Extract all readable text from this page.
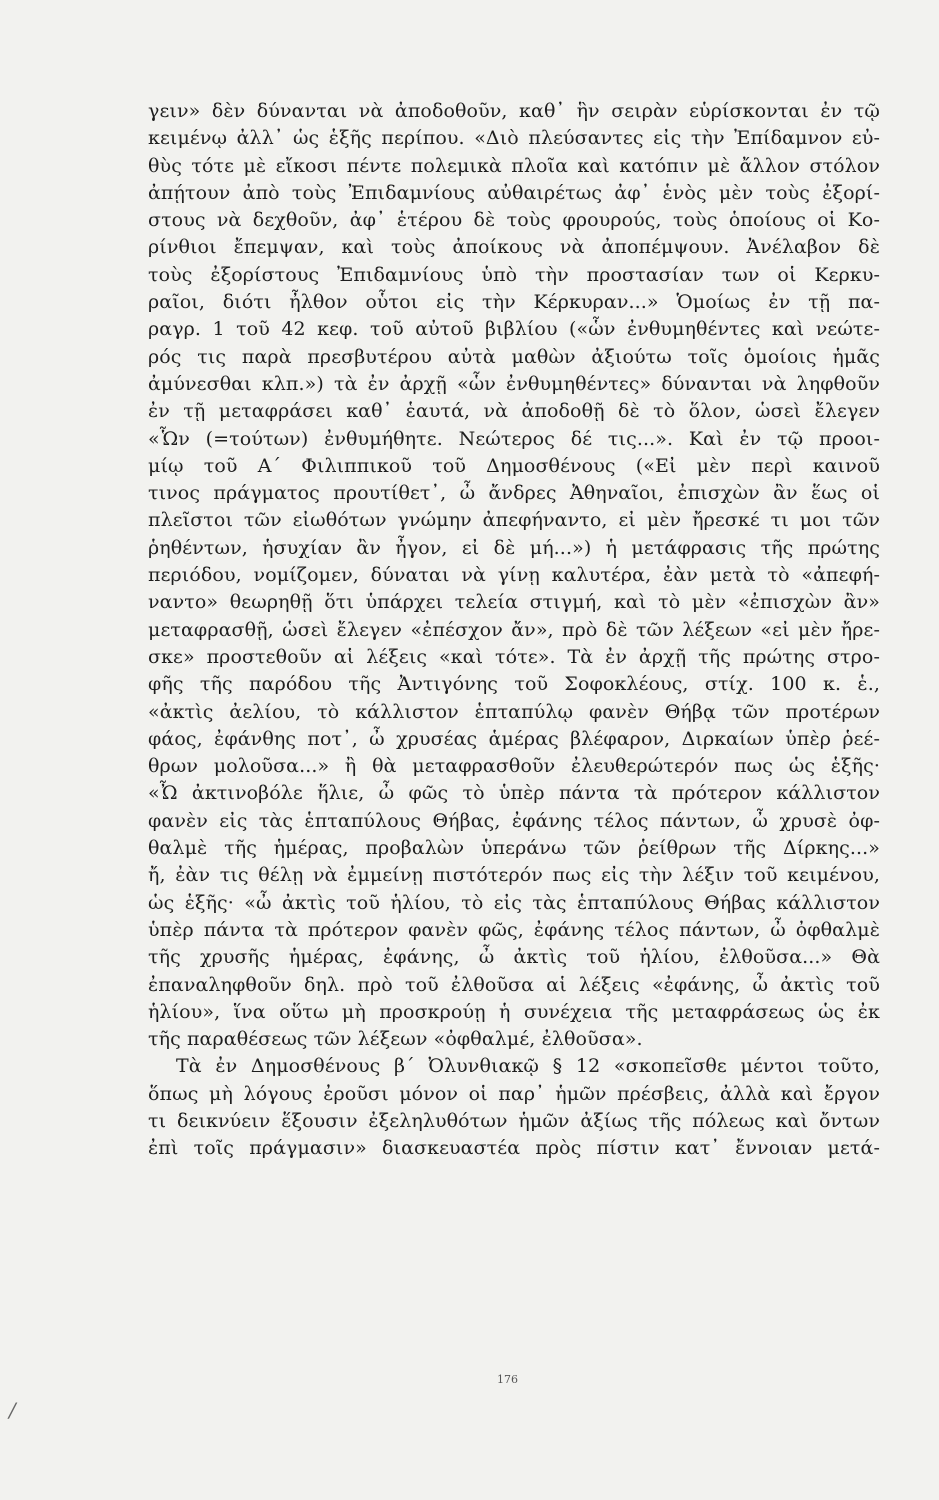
γειν» δὲν δύνανται νὰ ἀποδοθοῦν, καθ᾽ ἣν σειρὰν εὑρίσκονται ἐν τῷ
κειμένῳ ἀλλ᾽ ὡς ἑξῆς περίπου. «Διὸ πλεύσαντες εἰς τὴν Ἐπίδαμνον εὐ-
θὺς τότε μὲ εἴκοσι πέντε πολεμικὰ πλοῖα καὶ κατόπιν μὲ ἄλλον στόλον
ἀπῄτουν ἀπὸ τοὺς Ἐπιδαμνίους αὐθαιρέτως ἀφ᾽ ἑνὸς μὲν τοὺς ἐξορί-
στους νὰ δεχθοῦν, ἀφ᾽ ἑτέρου δὲ τοὺς φρουρούς, τοὺς ὁποίους οἱ Κο-
ρίνθιοι ἔπεμψαν, καὶ τοὺς ἀποίκους νὰ ἀποπέμψουν. Ἀνέλαβον δὲ
τοὺς ἐξορίστους Ἐπιδαμνίους ὑπὸ τὴν προστασίαν των οἱ Κερκυ-
ραῖοι, διότι ἦλθον οὗτοι εἰς τὴν Κέρκυραν...» Ὁμοίως ἐν τῇ πα-
ραγρ. 1 τοῦ 42 κεφ. τοῦ αὐτοῦ βιβλίου («ὧν ἐνθυμηθέντες καὶ νεώτε-
ρός τις παρὰ πρεσβυτέρου αὐτὰ μαθὼν ἀξιούτω τοῖς ὁμοίοις ἡμᾶς
ἀμύνεσθαι κλπ.») τὰ ἐν ἀρχῇ «ὧν ἐνθυμηθέντες» δύνανται νὰ ληφθοῦν
ἐν τῇ μεταφράσει καθ᾽ ἑαυτά, νὰ ἀποδοθῇ δὲ τὸ ὅλον, ὡσεὶ ἔλεγεν
«Ὧν (=τούτων) ἐνθυμήθητε. Νεώτερος δέ τις...». Καὶ ἐν τῷ προοι-
μίῳ τοῦ Α΄ Φιλιππικοῦ τοῦ Δημοσθένους («Εἰ μὲν περὶ καινοῦ
τινος πράγματος προυτίθετ᾽, ὦ ἄνδρες Ἀθηναῖοι, ἐπισχὼν ἂν ἕως οἱ
πλεῖστοι τῶν εἰωθότων γνώμην ἀπεφήναντο, εἰ μὲν ἤρεσκέ τι μοι τῶν
ῥηθέντων, ἡσυχίαν ἂν ἦγον, εἰ δὲ μή...») ἡ μετάφρασις τῆς πρώτης
περιόδου, νομίζομεν, δύναται νὰ γίνῃ καλυτέρα, ἐὰν μετὰ τὸ «ἀπεφή-
ναντο» θεωρηθῇ ὅτι ὑπάρχει τελεία στιγμή, καὶ τὸ μὲν «ἐπισχὼν ἂν»
μεταφρασθῇ, ὡσεὶ ἔλεγεν «ἐπέσχον ἄν», πρὸ δὲ τῶν λέξεων «εἰ μὲν ἤρε-
σκε» προστεθοῦν αἱ λέξεις «καὶ τότε». Τὰ ἐν ἀρχῇ τῆς πρώτης στρο-
φῆς τῆς παρόδου τῆς Ἀντιγόνης τοῦ Σοφοκλέους, στίχ. 100 κ. ἑ.,
«ἀκτὶς ἀελίου, τὸ κάλλιστον ἑπταπύλῳ φανὲν Θήβᾳ τῶν προτέρων
φάος, ἐφάνθης ποτ᾽, ὦ χρυσέας ἁμέρας βλέφαρον, Διρκαίων ὑπὲρ ῥεέ-
θρων μολοῦσα...» ἢ θὰ μεταφρασθοῦν ἐλευθερώτερόν πως ὡς ἑξῆς·
«Ὦ ἀκτινοβόλε ἥλιε, ὦ φῶς τὸ ὑπὲρ πάντα τὰ πρότερον κάλλιστον
φανὲν εἰς τὰς ἑπταπύλους Θήβας, ἐφάνης τέλος πάντων, ὦ χρυσὲ ὀφ-
θαλμὲ τῆς ἡμέρας, προβαλὼν ὑπεράνω τῶν ῥείθρων τῆς Δίρκης...»
ἤ, ἐὰν τις θέλῃ νὰ ἐμμείνῃ πιστότερόν πως εἰς τὴν λέξιν τοῦ κειμένου,
ὡς ἑξῆς· «ὦ ἀκτὶς τοῦ ἡλίου, τὸ εἰς τὰς ἑπταπύλους Θήβας κάλλιστον
ὑπὲρ πάντα τὰ πρότερον φανὲν φῶς, ἐφάνης τέλος πάντων, ὦ ὀφθαλμὲ
τῆς χρυσῆς ἡμέρας, ἐφάνης, ὦ ἀκτὶς τοῦ ἡλίου, ἐλθοῦσα...» Θὰ
ἐπαναληφθοῦν δηλ. πρὸ τοῦ ἐλθοῦσα αἱ λέξεις «ἐφάνης, ὦ ἀκτὶς τοῦ
ἡλίου», ἵνα οὕτω μὴ προσκρούῃ ἡ συνέχεια τῆς μεταφράσεως ὡς ἐκ
τῆς παραθέσεως τῶν λέξεων «ὀφθαλμέ, ἐλθοῦσα».
Τὰ ἐν Δημοσθένους β΄ Ὀλυνθιακῷ § 12 «σκοπεῖσθε μέντοι τοῦτο,
ὅπως μὴ λόγους ἐροῦσι μόνον οἱ παρ᾽ ἡμῶν πρέσβεις, ἀλλὰ καὶ ἔργον
τι δεικνύειν ἕξουσιν ἐξεληλυθότων ἡμῶν ἀξίως τῆς πόλεως καὶ ὄντων
ἐπὶ τοῖς πράγμασιν» διασκευαστέα πρὸς πίστιν κατ᾽ ἔννοιαν μετά-
176
/
